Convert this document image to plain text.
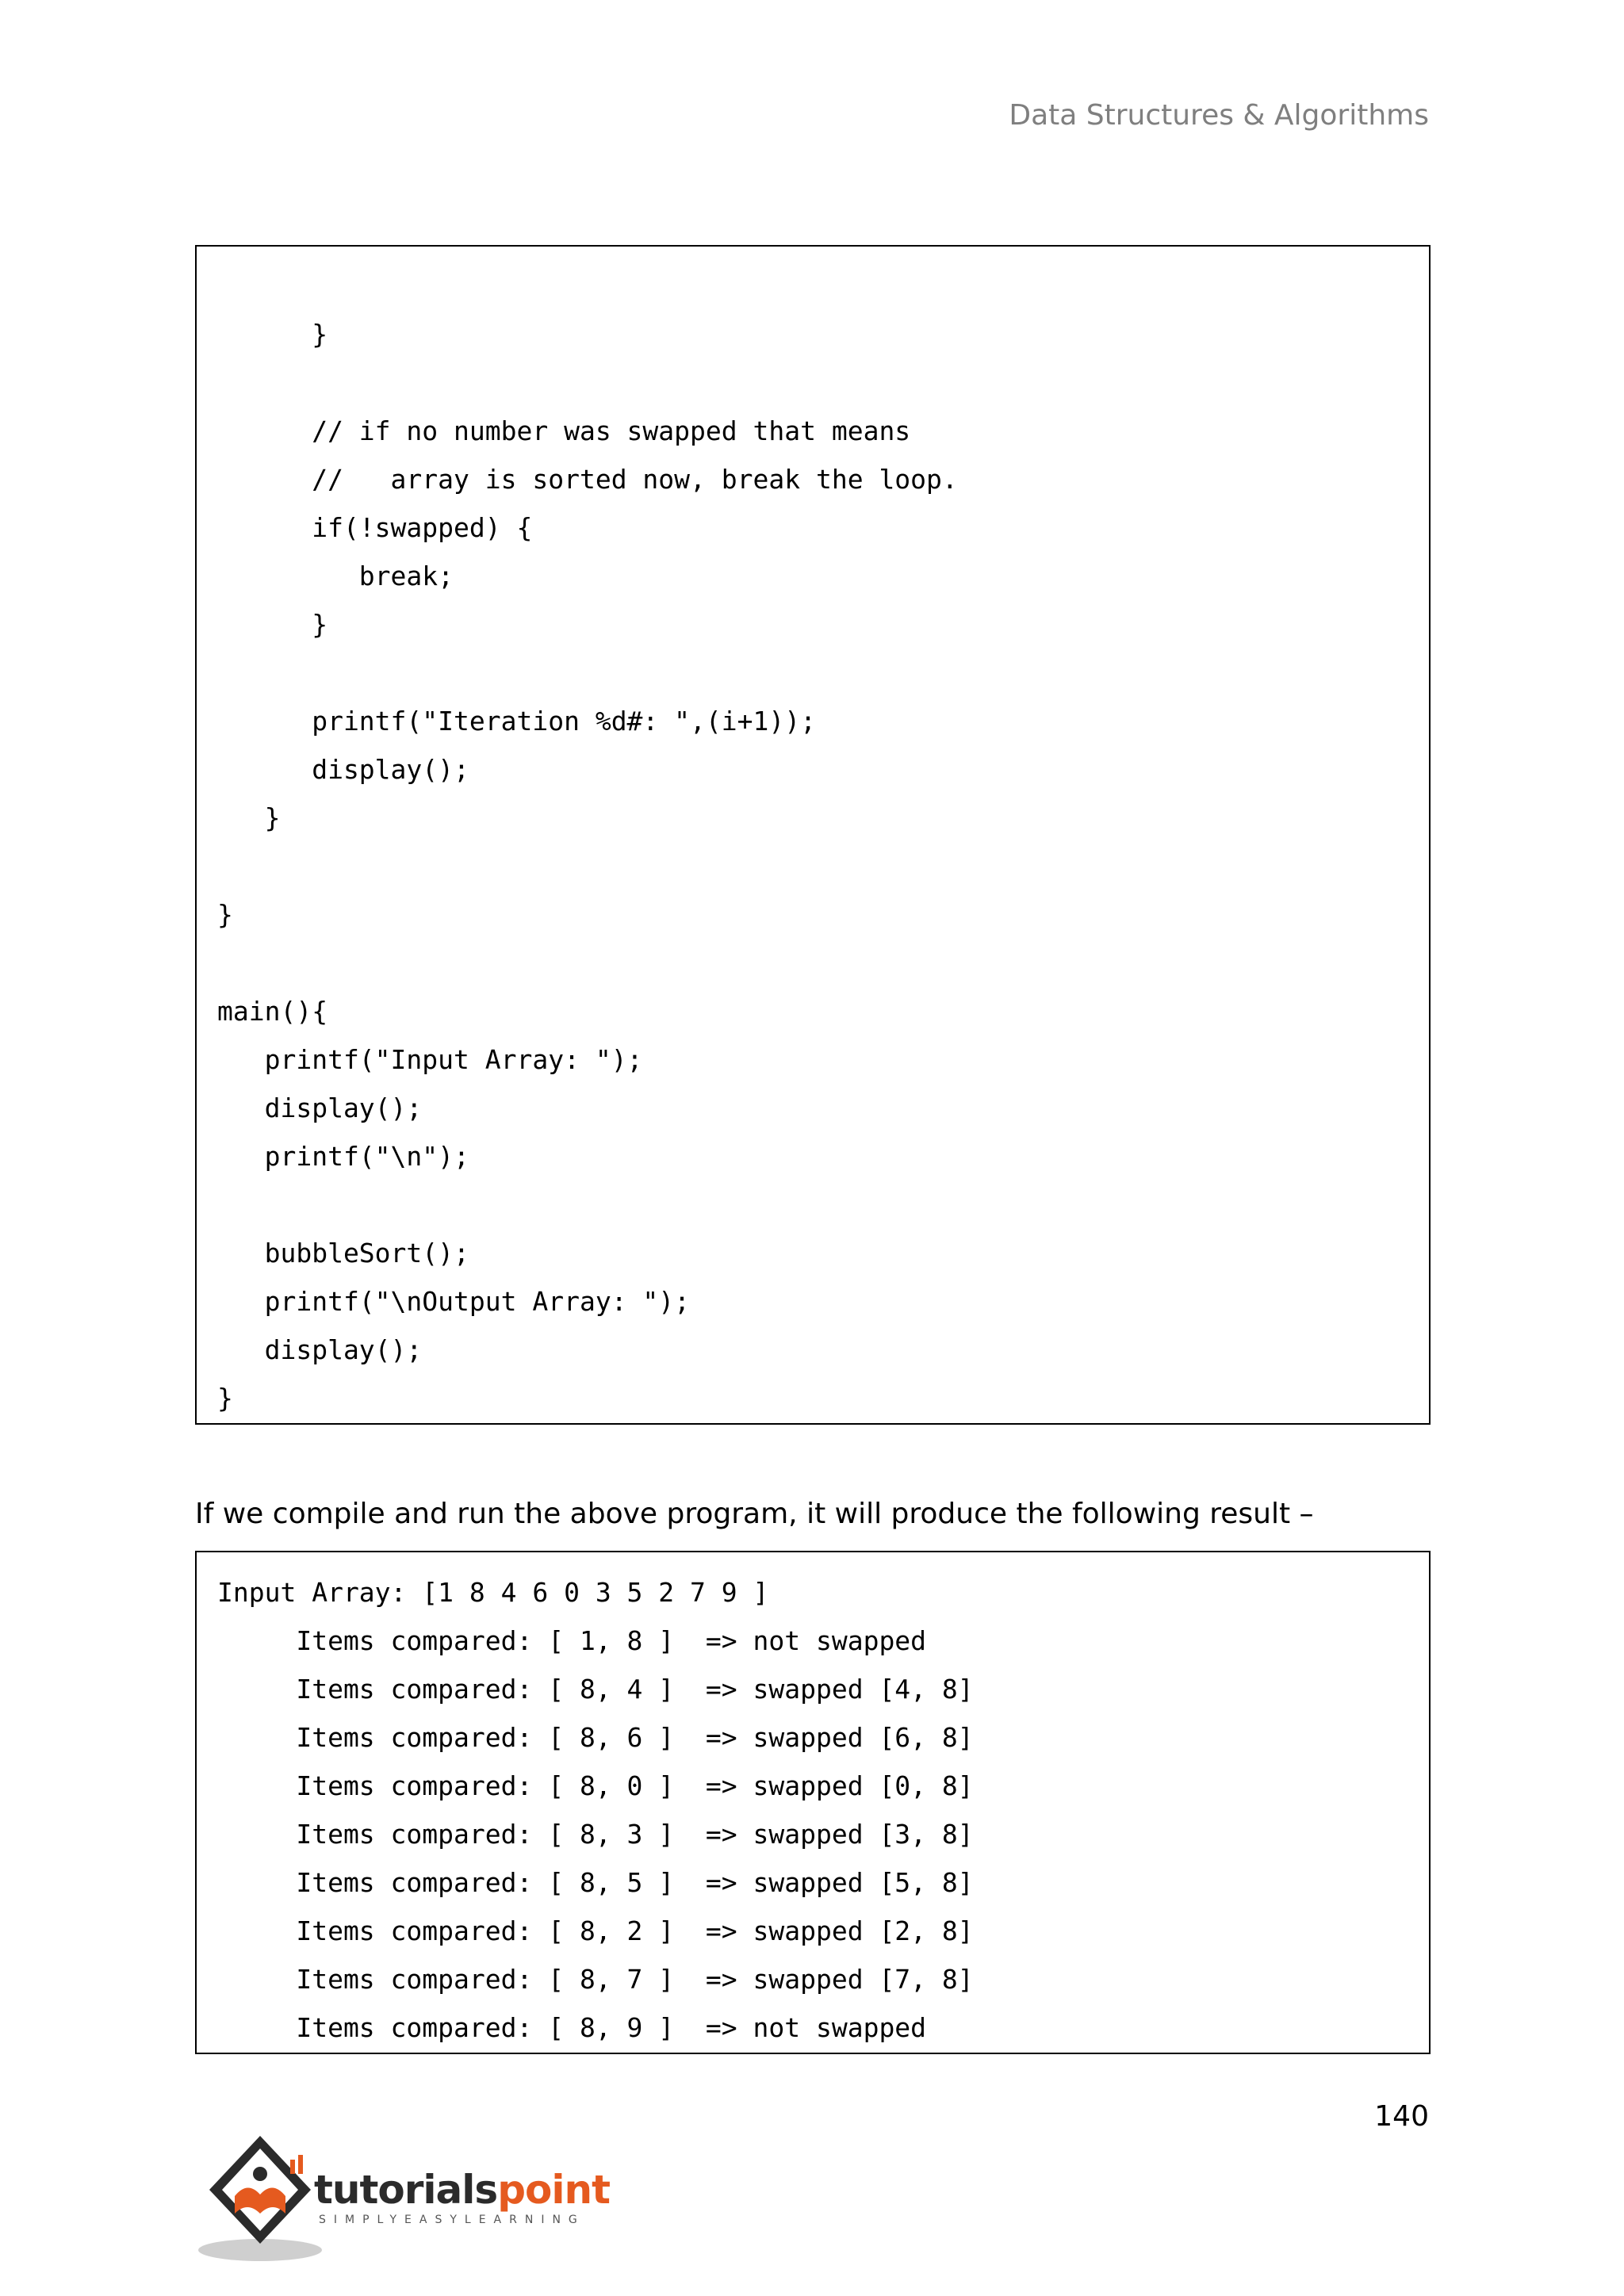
Data Structures & Algorithms
}
// if no number was swapped that means
//   array is sorted now, break the loop.
if(!swapped) {
break;
}
printf("Iteration %d#: ",(i+1));
display();
}
}
main(){
printf("Input Array: ");
display();
printf("\n");
bubbleSort();
printf("\nOutput Array: ");
display();
}
If we compile and run the above program, it will produce the following result –
Input Array: [1 8 4 6 0 3 5 2 7 9 ]
Items compared: [ 1, 8 ]  => not swapped
Items compared: [ 8, 4 ]  => swapped [4, 8]
Items compared: [ 8, 6 ]  => swapped [6, 8]
Items compared: [ 8, 0 ]  => swapped [0, 8]
Items compared: [ 8, 3 ]  => swapped [3, 8]
Items compared: [ 8, 5 ]  => swapped [5, 8]
Items compared: [ 8, 2 ]  => swapped [2, 8]
Items compared: [ 8, 7 ]  => swapped [7, 8]
Items compared: [ 8, 9 ]  => not swapped
140
tutorialspoint
SIMPLYEASYLEARNING
